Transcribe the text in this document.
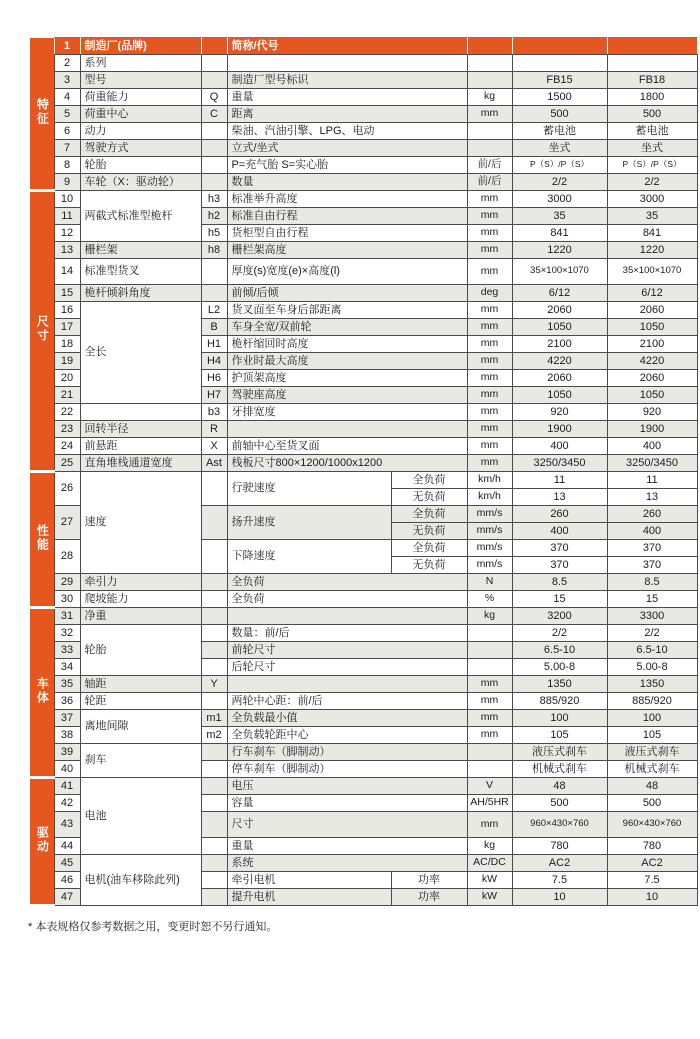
特征	1	制造厂(品牌)		简称/代号				
	2	系列						
	3	型号		制造厂型号标识			FB15	FB18
	4	荷重能力	Q	重量		kg	1500	1800
	5	荷重中心	C	距离		mm	500	500
	6	动力		柴油、汽油引擎、LPG、电动			蓄电池	蓄电池
	7	驾驶方式		立式/坐式			坐式	坐式
	8	轮胎		P=充气胎 S=实心胎		前/后	P（S）/P（S）	P（S）/P（S）
	9	车轮（X：驱动轮）		数量		前/后	2/2	2/2
尺寸	10	两截式标准型桅杆	h3	标准举升高度		mm	3000	3000
	11		h2	标准自由行程		mm	35	35
	12		h5	货柜型自由行程		mm	841	841
	13	栅栏架	h8	栅栏架高度		mm	1220	1220
	14	标准型货叉		厚度(s)宽度(e)×高度(l)		mm	35×100×1070	35×100×1070
	15	桅杆倾斜角度		前倾/后倾		deg	6/12	6/12
	16	全长	L2	货叉面至车身后部距离		mm	2060	2060
	17		B	车身全宽/双前轮		mm	1050	1050
	18		H1	桅杆缩回时高度		mm	2100	2100
	19		H4	作业时最大高度		mm	4220	4220
	20		H6	护顶架高度		mm	2060	2060
	21		H7	驾驶座高度		mm	1050	1050
	22		b3	牙排宽度		mm	920	920
	23	回转半径	R			mm	1900	1900
	24	前悬距	X	前轴中心至货叉面		mm	400	400
	25	直角堆栈通道宽度	Ast	栈板尺寸800×1200/1000x1200		mm	3250/3450	3250/3450
性能	26	速度		行驶速度	全负荷	km/h	11	11
					无负荷	km/h	13	13
	27			扬升速度	全负荷	mm/s	260	260
					无负荷	mm/s	400	400
	28			下降速度	全负荷	mm/s	370	370
					无负荷	mm/s	370	370
	29	牵引力		全负荷		N	8.5	8.5
	30	爬坡能力		全负荷		%	15	15
车体	31	净重				kg	3200	3300
	32	轮胎		数量：前/后			2/2	2/2
	33			前轮尺寸			6.5-10	6.5-10
	34			后轮尺寸			5.00-8	5.00-8
	35	轴距	Y			mm	1350	1350
	36	轮距		两轮中心距：前/后		mm	885/920	885/920
	37	离地间隙	m1	全负载最小值		mm	100	100
	38		m2	全负载轮距中心		mm	105	105
	39	刹车		行车刹车（脚制动）			液压式刹车	液压式刹车
	40			停车刹车（脚制动）			机械式刹车	机械式刹车
驱动	41	电池		电压		V	48	48
	42			容量		AH/5HR	500	500
	43			尺寸		mm	960×430×760	960×430×760
	44			重量		kg	780	780
	45	电机(油车移除此列)		系统		AC/DC	AC2	AC2
	46			牵引电机	功率	kW	7.5	7.5
	47			提升电机	功率	kW	10	10

* 本表规格仅参考数据之用，变更时恕不另行通知。
